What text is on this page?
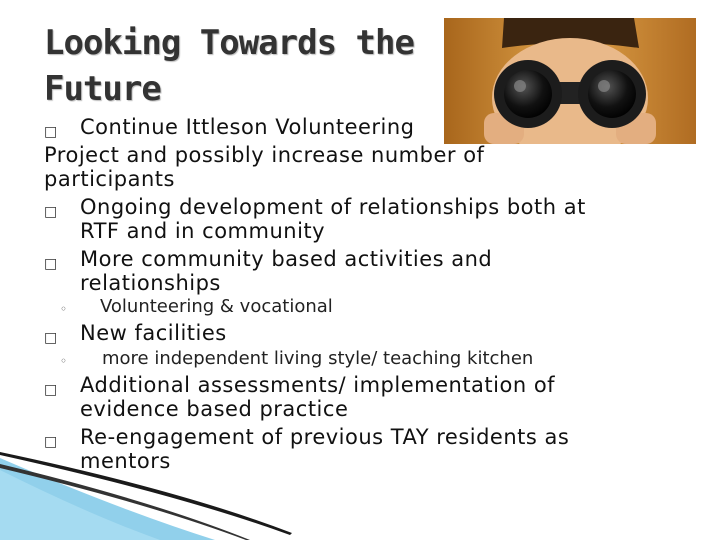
Looking Towards the
Future
□ Continue Ittleson Volunteering
Project and possibly increase number of
participants
□ Ongoing development of relationships both at
RTF and in community
□ More community based activities and
relationships
◦ Volunteering & vocational
□ New facilities
◦ more independent living style/ teaching kitchen
□ Additional assessments/ implementation of
evidence based practice
□ Re-engagement of previous TAY residents as
mentors
